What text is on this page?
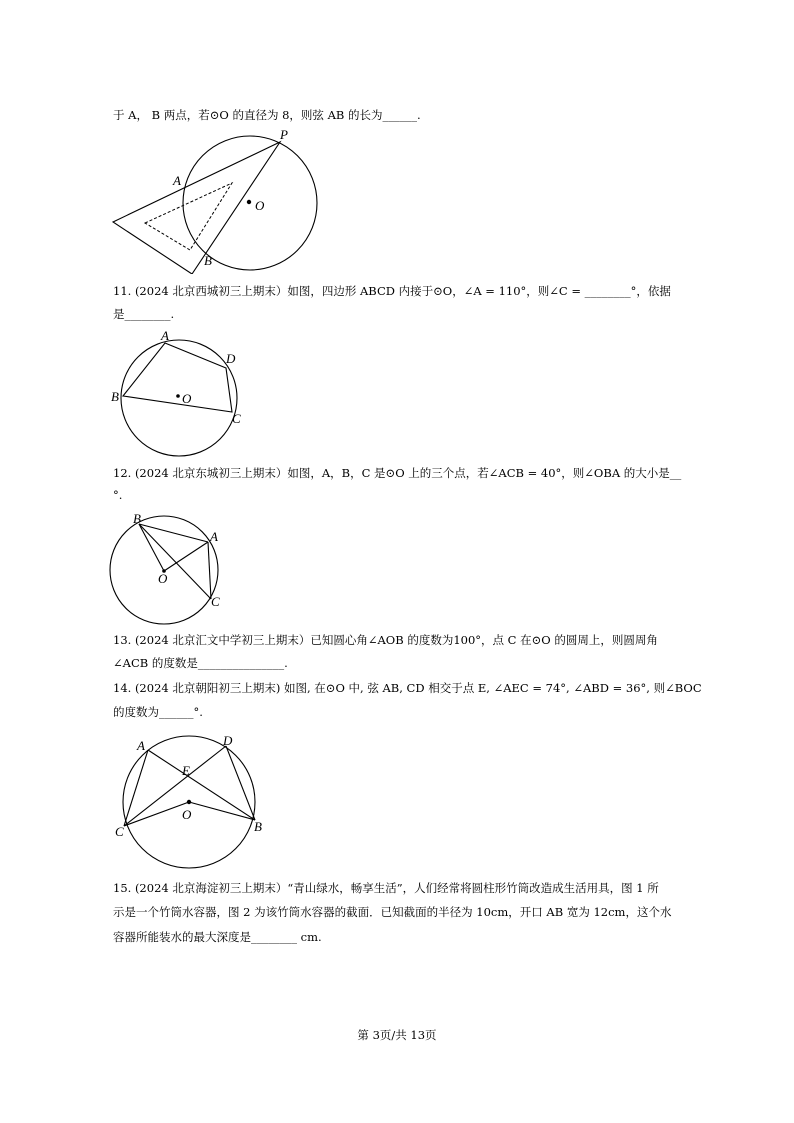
于 A， B 两点，若⊙O 的直径为 8，则弦 AB 的长为______.
P
A
O
B
11. (2024 北京西城初三上期末）如图，四边形 ABCD 内接于⊙O，∠A = 110°，则∠C = ________°，依据
是________.
A
D
B	O
C
12. (2024 北京东城初三上期末）如图，A，B，C 是⊙O 上的三个点，若∠ACB = 40°，则∠OBA 的大小是__
°.
B
A
O
C
13. (2024 北京汇文中学初三上期末）已知圆心角∠AOB 的度数为100°，点 C 在⊙O 的圆周上，则圆周角
∠ACB 的度数是_______________.
14. (2024 北京朝阳初三上期末) 如图, 在⊙O 中, 弦 AB, CD 相交于点 E, ∠AEC = 74°, ∠ABD = 36°, 则∠BOC
的度数为______°.
A	D
E
O
C	B
15. (2024 北京海淀初三上期末）“青山绿水，畅享生活”，人们经常将圆柱形竹筒改造成生活用具，图 1 所
示是一个竹筒水容器，图 2 为该竹筒水容器的截面．已知截面的半径为 10cm，开口 AB 宽为 12cm，这个水
容器所能装水的最大深度是________ cm.
第 3页/共 13页
